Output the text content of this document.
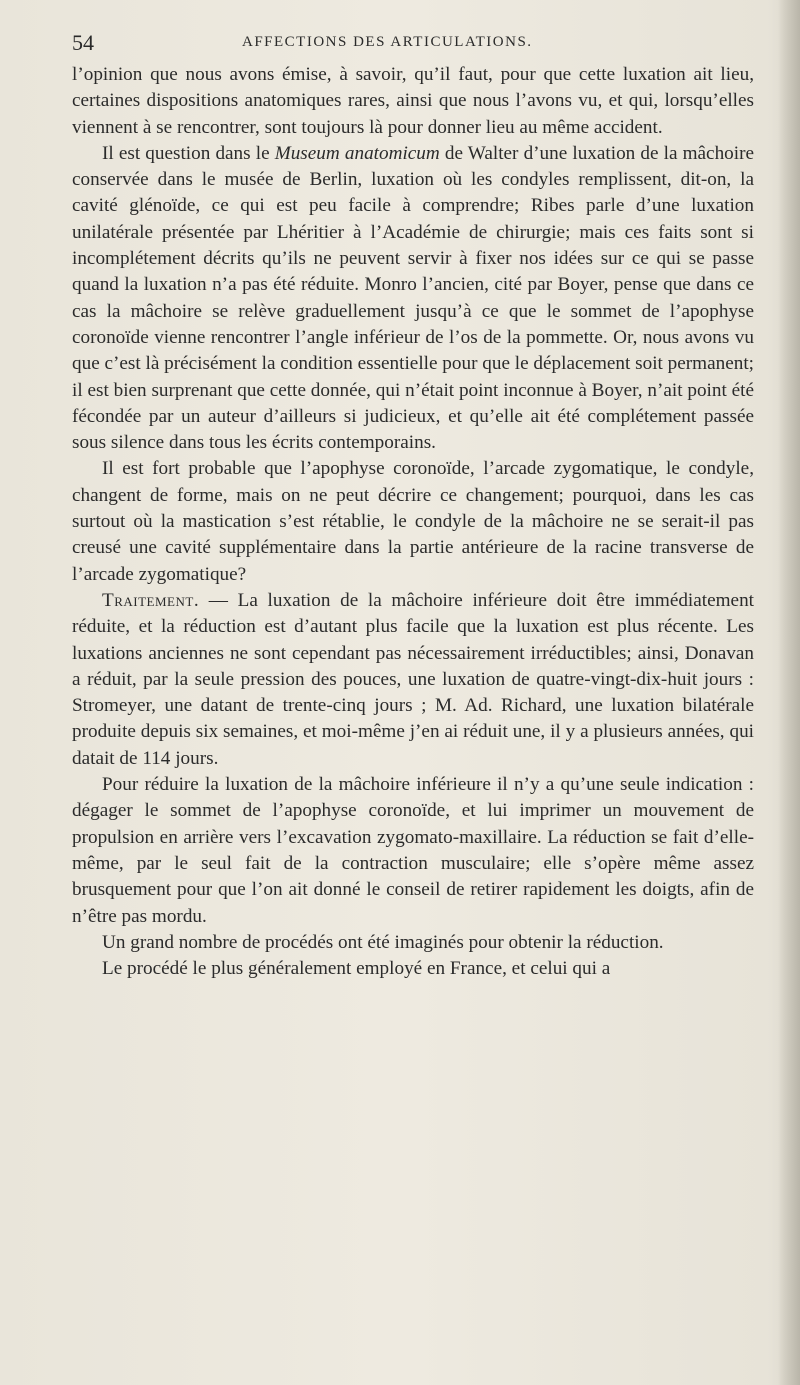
54	AFFECTIONS DES ARTICULATIONS.

l’opinion que nous avons émise, à savoir, qu’il faut, pour que cette luxation ait lieu, certaines dispositions anatomiques rares, ainsi que nous l’avons vu, et qui, lorsqu’elles viennent à se rencontrer, sont toujours là pour donner lieu au même accident.

Il est question dans le Museum anatomicum de Walter d’une luxation de la mâchoire conservée dans le musée de Berlin, luxation où les condyles remplissent, dit-on, la cavité glénoïde, ce qui est peu facile à comprendre; Ribes parle d’une luxation unilatérale présentée par Lhéritier à l’Académie de chirurgie; mais ces faits sont si incomplétement décrits qu’ils ne peuvent servir à fixer nos idées sur ce qui se passe quand la luxation n’a pas été réduite. Monro l’ancien, cité par Boyer, pense que dans ce cas la mâchoire se relève graduellement jusqu’à ce que le sommet de l’apophyse coronoïde vienne rencontrer l’angle inférieur de l’os de la pommette. Or, nous avons vu que c’est là précisément la condition essentielle pour que le déplacement soit permanent; il est bien surprenant que cette donnée, qui n’était point inconnue à Boyer, n’ait point été fécondée par un auteur d’ailleurs si judicieux, et qu’elle ait été complétement passée sous silence dans tous les écrits contemporains.

Il est fort probable que l’apophyse coronoïde, l’arcade zygomatique, le condyle, changent de forme, mais on ne peut décrire ce changement; pourquoi, dans les cas surtout où la mastication s’est rétablie, le condyle de la mâchoire ne se serait-il pas creusé une cavité supplémentaire dans la partie antérieure de la racine transverse de l’arcade zygomatique?

Traitement. — La luxation de la mâchoire inférieure doit être immédiatement réduite, et la réduction est d’autant plus facile que la luxation est plus récente. Les luxations anciennes ne sont cependant pas nécessairement irréductibles; ainsi, Donavan a réduit, par la seule pression des pouces, une luxation de quatre-vingt-dix-huit jours : Stromeyer, une datant de trente-cinq jours ; M. Ad. Richard, une luxation bilatérale produite depuis six semaines, et moi-même j’en ai réduit une, il y a plusieurs années, qui datait de 114 jours.

Pour réduire la luxation de la mâchoire inférieure il n’y a qu’une seule indication : dégager le sommet de l’apophyse coronoïde, et lui imprimer un mouvement de propulsion en arrière vers l’excavation zygomato-maxillaire. La réduction se fait d’elle-même, par le seul fait de la contraction musculaire; elle s’opère même assez brusquement pour que l’on ait donné le conseil de retirer rapidement les doigts, afin de n’être pas mordu.

Un grand nombre de procédés ont été imaginés pour obtenir la réduction.

Le procédé le plus généralement employé en France, et celui qui a
